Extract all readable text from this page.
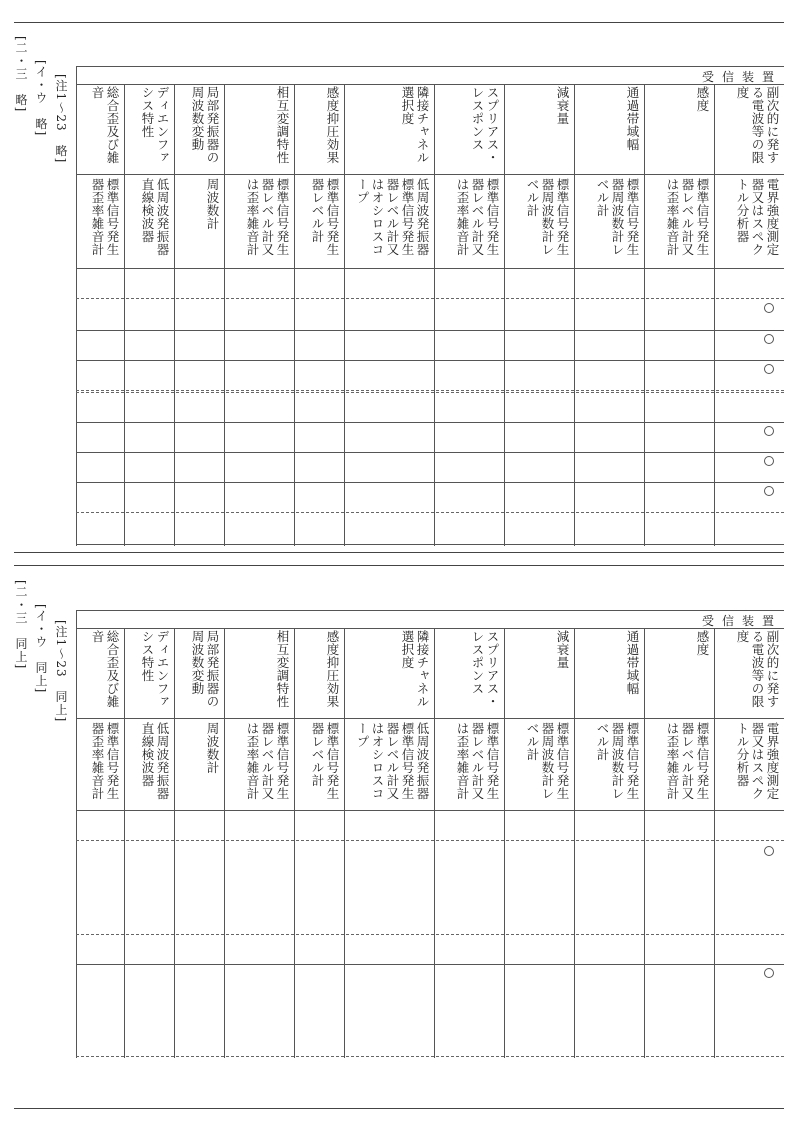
[二・三　略] [イ・ウ　略] [注1～23　略]	受信装置
副次的に発する電波等の限度
電界強度測定器又はスペクトル分析器
感度
標準信号発生器レベル計又は歪率雑音計
通過帯域幅
標準信号発生器周波数計レベル計
減衰量
標準信号発生器周波数計レベル計
スプリアス・レスポンス
標準信号発生器レベル計又は歪率雑音計
隣接チャネル選択度
低周波発振器標準信号発生器レベル計又はオシロスコープ
感度抑圧効果
標準信号発生器レベル計
相互変調特性
標準信号発生器レベル計又は歪率雑音計
局部発振器の周波数変動
周波数計
ディエンファシス特性
低周波発振器直線検波器
総合歪及び雑音
標準信号発生器歪率雑音計
[二・三　同上] [イ・ウ　同上] [注1～23　同上]	受信装置
副次的に発する電波等の限度
電界強度測定器又はスペクトル分析器
感度
標準信号発生器レベル計又は歪率雑音計
通過帯域幅
標準信号発生器周波数計レベル計
減衰量
標準信号発生器周波数計レベル計
スプリアス・レスポンス
標準信号発生器レベル計又は歪率雑音計
隣接チャネル選択度
低周波発振器標準信号発生器レベル計又はオシロスコープ
感度抑圧効果
標準信号発生器レベル計
相互変調特性
標準信号発生器レベル計又は歪率雑音計
局部発振器の周波数変動
周波数計
ディエンファシス特性
低周波発振器直線検波器
総合歪及び雑音
標準信号発生器歪率雑音計
